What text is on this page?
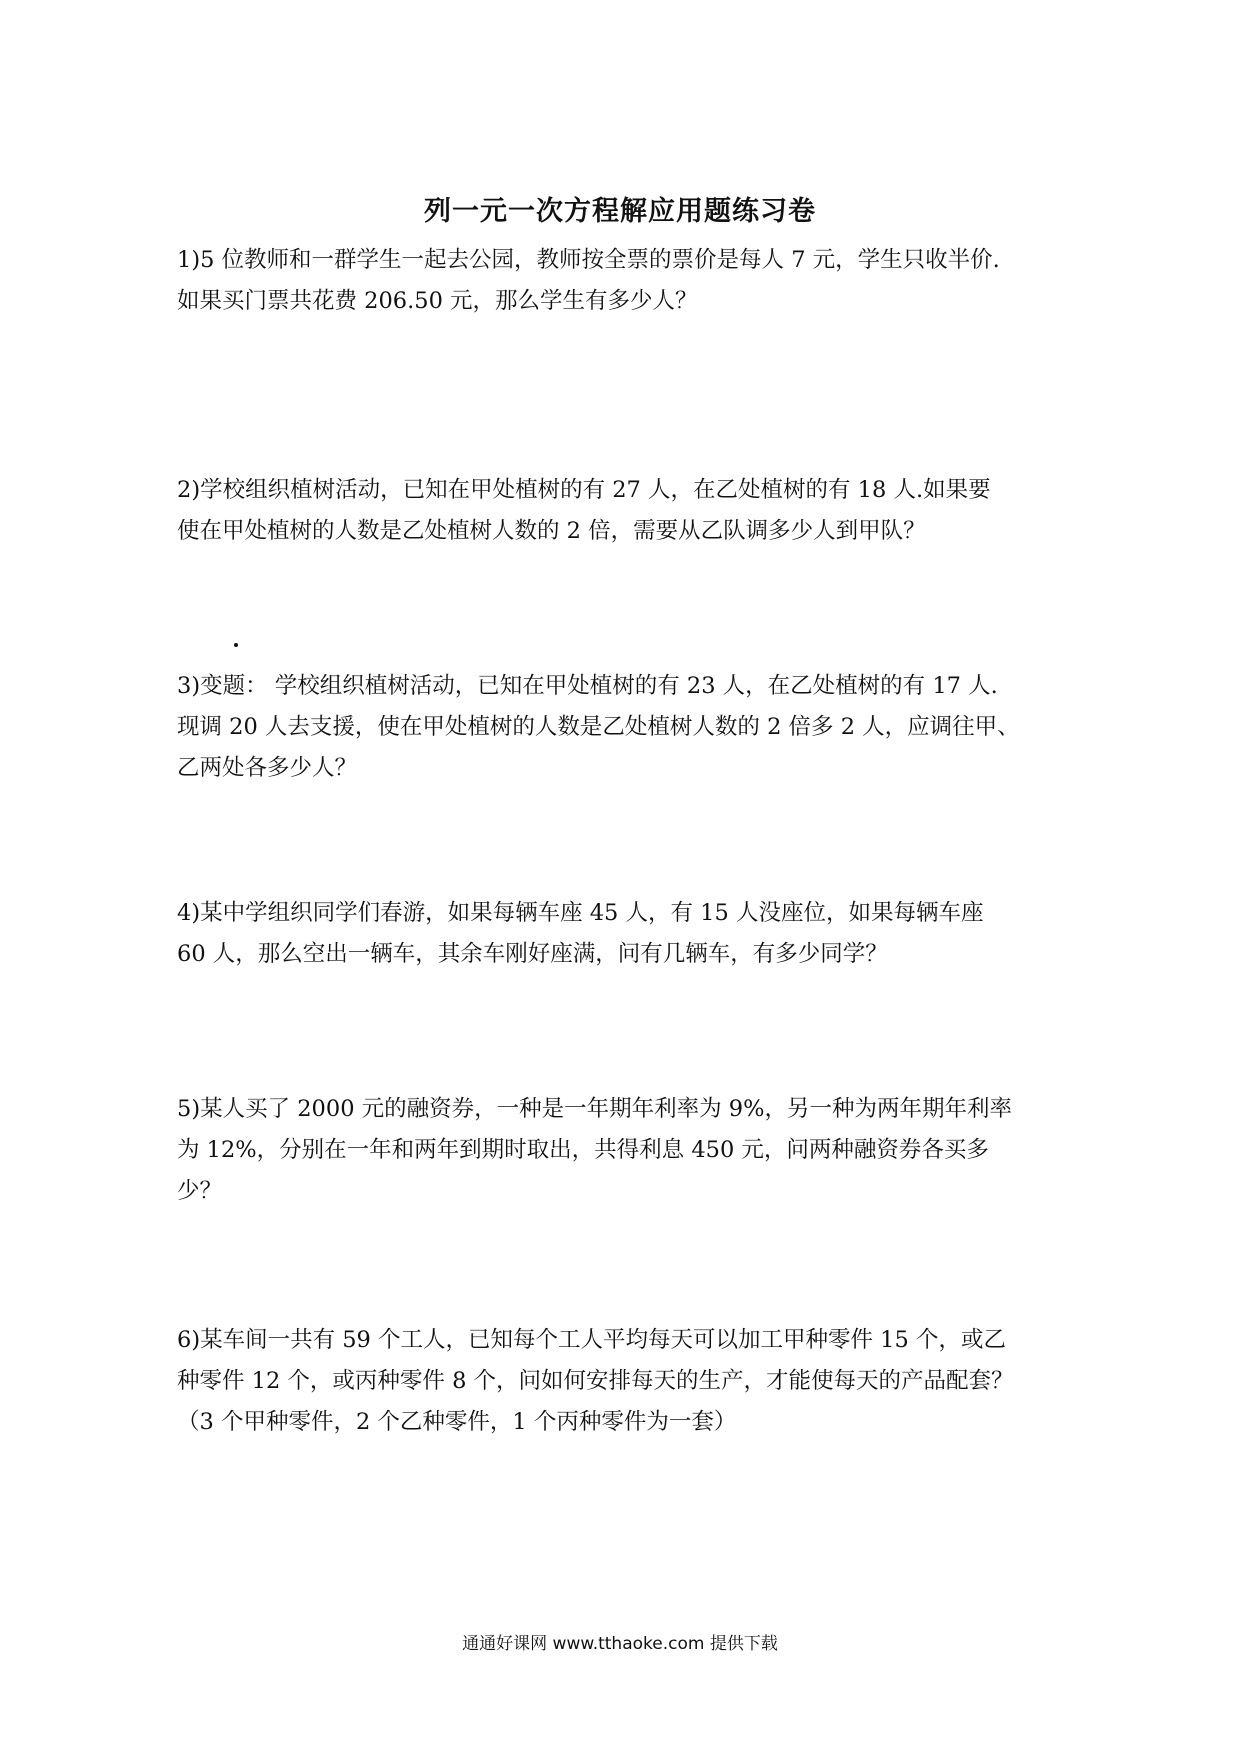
列一元一次方程解应用题练习卷
1)5 位教师和一群学生一起去公园，教师按全票的票价是每人 7 元，学生只收半价.
如果买门票共花费 206.50 元，那么学生有多少人？
2)学校组织植树活动，已知在甲处植树的有 27 人，在乙处植树的有 18 人.如果要
使在甲处植树的人数是乙处植树人数的 2 倍，需要从乙队调多少人到甲队？
3)变题： 学校组织植树活动，已知在甲处植树的有 23 人，在乙处植树的有 17 人.
现调 20 人去支援，使在甲处植树的人数是乙处植树人数的 2 倍多 2 人，应调往甲、
乙两处各多少人？
4)某中学组织同学们春游，如果每辆车座 45 人，有 15 人没座位，如果每辆车座
60 人，那么空出一辆车，其余车刚好座满，问有几辆车，有多少同学？
5)某人买了 2000 元的融资券，一种是一年期年利率为 9%，另一种为两年期年利率
为 12%，分别在一年和两年到期时取出，共得利息 450 元，问两种融资券各买多
少？
6)某车间一共有 59 个工人，已知每个工人平均每天可以加工甲种零件 15 个，或乙
种零件 12 个，或丙种零件 8 个，问如何安排每天的生产，才能使每天的产品配套？
（3 个甲种零件，2 个乙种零件，1 个丙种零件为一套）
通通好课网 www.tthaoke.com 提供下载
